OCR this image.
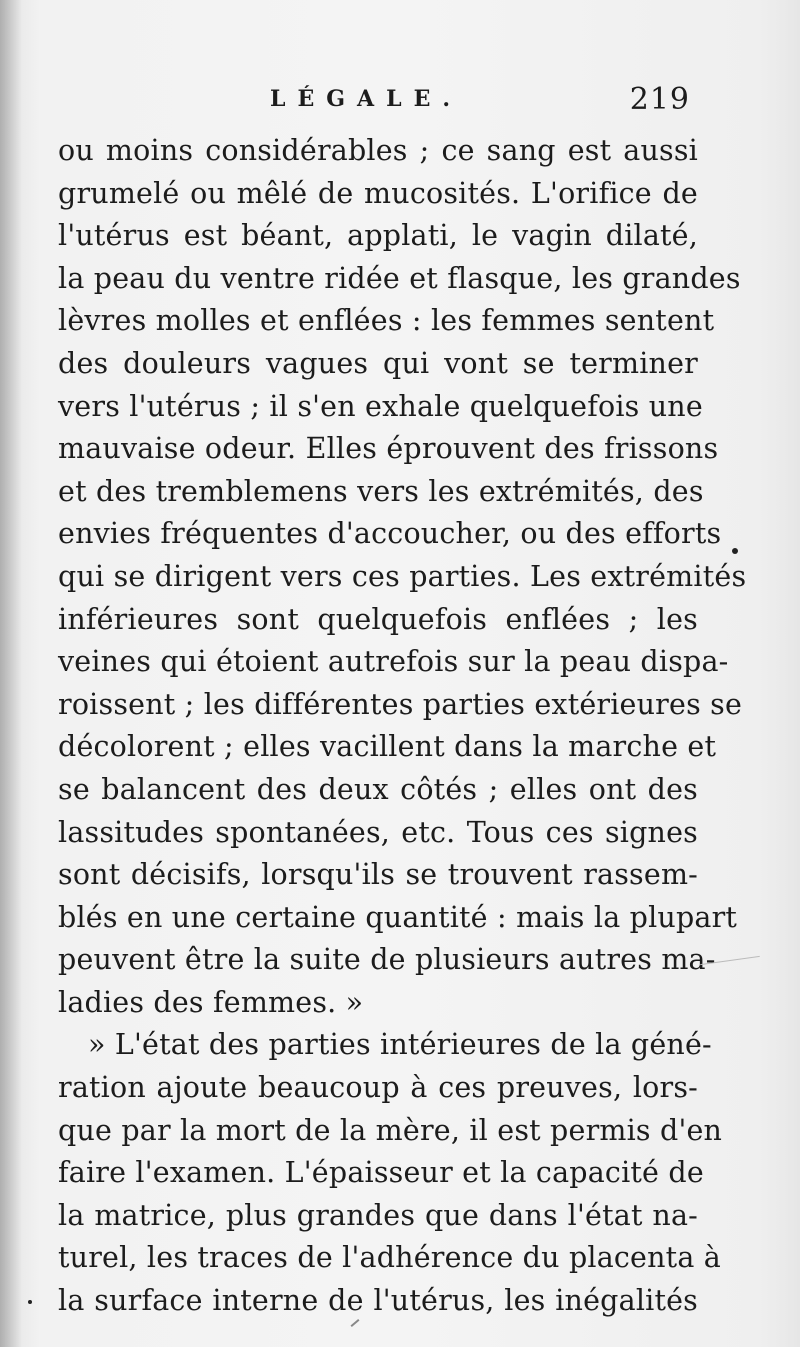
LÉGALE.	219
ou moins considérables ; ce sang est aussi
grumelé ou mêlé de mucosités. L'orifice de
l'utérus est béant, applati, le vagin dilaté,
la peau du ventre ridée et flasque, les grandes
lèvres molles et enflées : les femmes sentent
des douleurs vagues qui vont se terminer
vers l'utérus ; il s'en exhale quelquefois une
mauvaise odeur. Elles éprouvent des frissons
et des tremblemens vers les extrémités, des
envies fréquentes d'accoucher, ou des efforts
qui se dirigent vers ces parties. Les extrémités
inférieures sont quelquefois enflées ; les
veines qui étoient autrefois sur la peau dispa-
roissent ; les différentes parties extérieures se
décolorent ; elles vacillent dans la marche et
se balancent des deux côtés ; elles ont des
lassitudes spontanées, etc. Tous ces signes
sont décisifs, lorsqu'ils se trouvent rassem-
blés en une certaine quantité : mais la plupart
peuvent être la suite de plusieurs autres ma-
ladies des femmes. »
» L'état des parties intérieures de la géné-
ration ajoute beaucoup à ces preuves, lors-
que par la mort de la mère, il est permis d'en
faire l'examen. L'épaisseur et la capacité de
la matrice, plus grandes que dans l'état na-
turel, les traces de l'adhérence du placenta à
la surface interne de l'utérus, les inégalités
